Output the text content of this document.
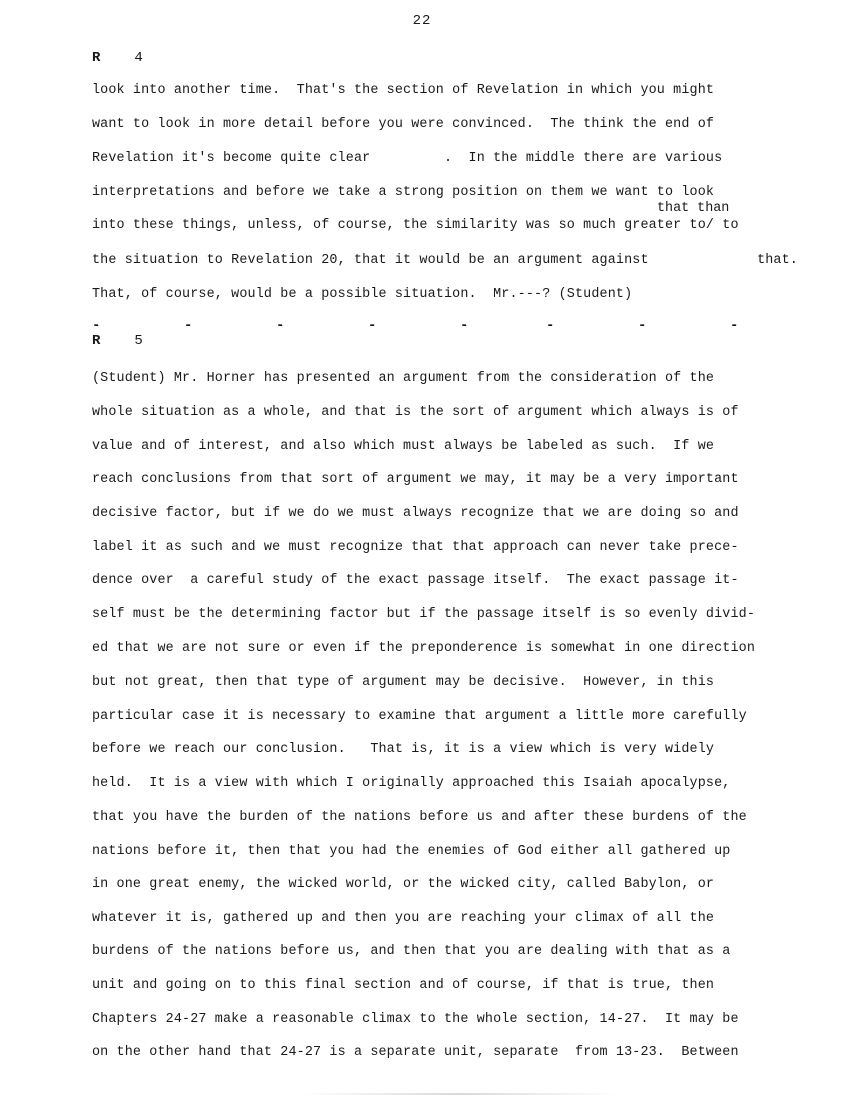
22
R 4
look into another time.  That's the section of Revelation in which you might
want to look in more detail before you were convinced.  The think the end of
Revelation it's become quite clear         .  In the middle there are various
interpretations and before we take a strong position on them we want to look
that than
into these things, unless, of course, the similarity was so much greater to/ to
the situation to Revelation 20, that it would be an argument against	that.
That, of course, would be a possible situation.  Mr.---? (Student)
-	-	-	-	-	-	-	-
R 5
(Student) Mr. Horner has presented an argument from the consideration of the
whole situation as a whole, and that is the sort of argument which always is of
value and of interest, and also which must always be labeled as such.  If we
reach conclusions from that sort of argument we may, it may be a very important
decisive factor, but if we do we must always recognize that we are doing so and
label it as such and we must recognize that that approach can never take prece-
dence over  a careful study of the exact passage itself.  The exact passage it-
self must be the determining factor but if the passage itself is so evenly divid-
ed that we are not sure or even if the preponderence is somewhat in one direction
but not great, then that type of argument may be decisive.  However, in this
particular case it is necessary to examine that argument a little more carefully
before we reach our conclusion.   That is, it is a view which is very widely
held.  It is a view with which I originally approached this Isaiah apocalypse,
that you have the burden of the nations before us and after these burdens of the
nations before it, then that you had the enemies of God either all gathered up
in one great enemy, the wicked world, or the wicked city, called Babylon, or
whatever it is, gathered up and then you are reaching your climax of all the
burdens of the nations before us, and then that you are dealing with that as a
unit and going on to this final section and of course, if that is true, then
Chapters 24-27 make a reasonable climax to the whole section, 14-27.  It may be
on the other hand that 24-27 is a separate unit, separate  from 13-23.  Between
